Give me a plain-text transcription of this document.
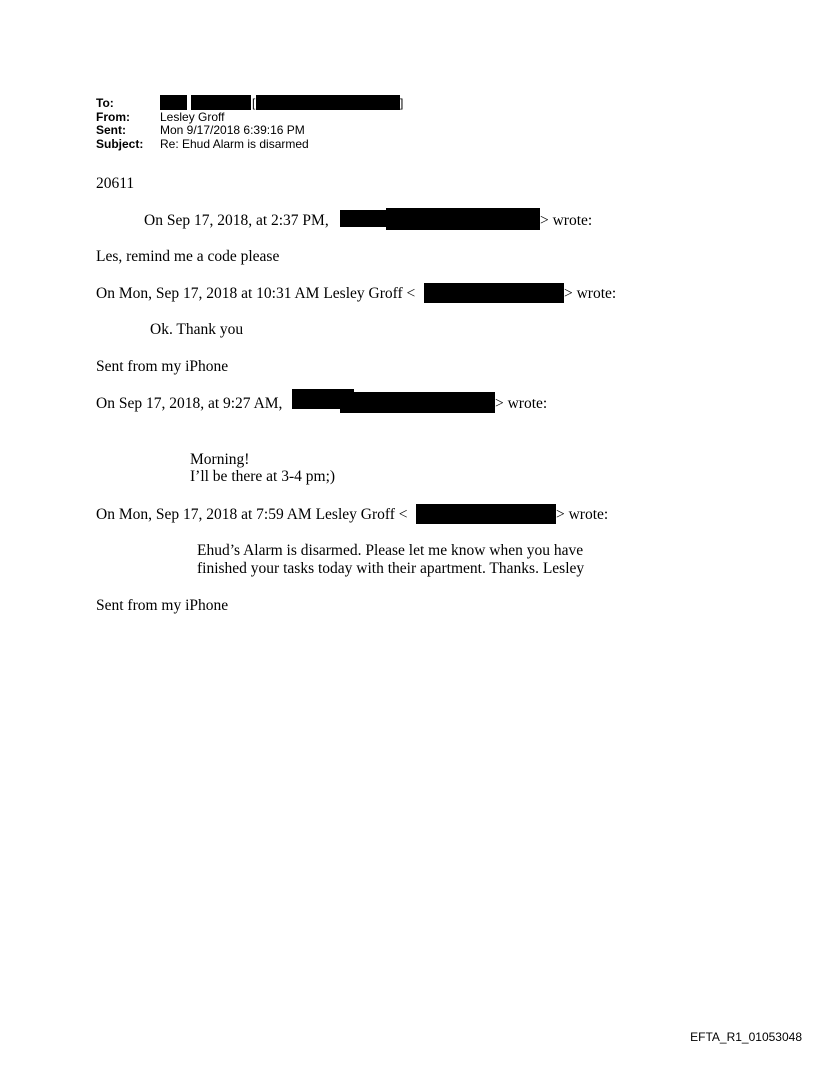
To:
From:	Lesley Groff
Sent:	Mon 9/17/2018 6:39:16 PM
Subject: Re: Ehud Alarm is disarmed
[	]
20611
On Sep 17, 2018, at 2:37 PM,	> wrote:
Les, remind me a code please
On Mon, Sep 17, 2018 at 10:31 AM Lesley Groff <	> wrote:
Ok. Thank you
Sent from my iPhone
On Sep 17, 2018, at 9:27 AM,	> wrote:
Morning!
I’ll be there at 3-4 pm;)
On Mon, Sep 17, 2018 at 7:59 AM Lesley Groff <	> wrote:
Ehud’s Alarm is disarmed. Please let me know when you have
finished your tasks today with their apartment. Thanks. Lesley
Sent from my iPhone
EFTA_R1_01053048
